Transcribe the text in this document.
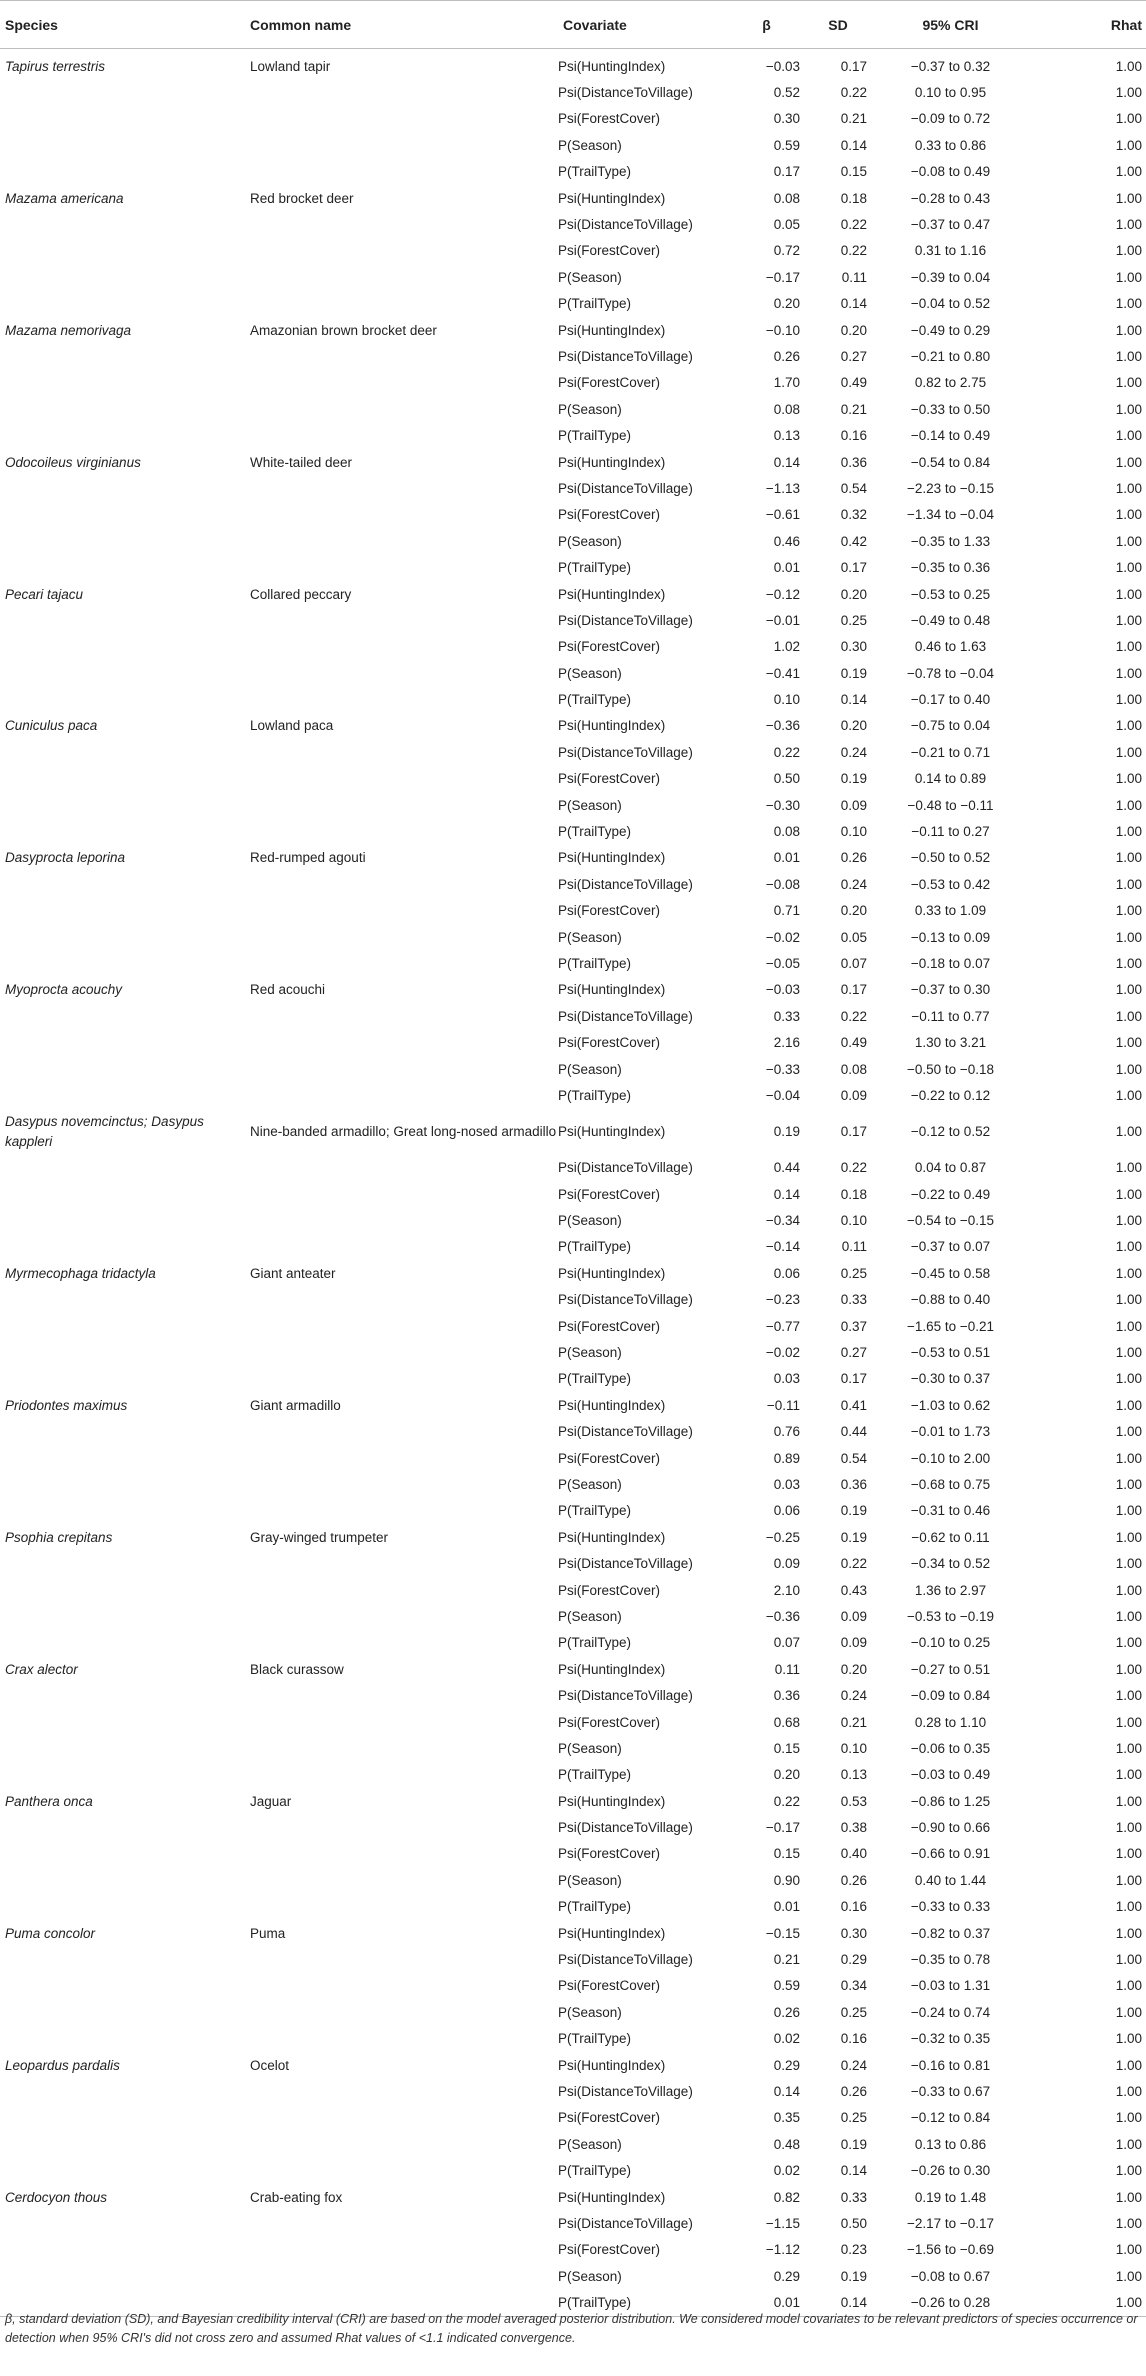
Species	Common name	Covariate	β	SD	95% CRI	Rhat
Tapirus terrestris	Lowland tapir	Psi(HuntingIndex)	−0.03	0.17	−0.37 to 0.32	1.00
		Psi(DistanceToVillage)	0.52	0.22	0.10 to 0.95	1.00
		Psi(ForestCover)	0.30	0.21	−0.09 to 0.72	1.00
		P(Season)	0.59	0.14	0.33 to 0.86	1.00
		P(TrailType)	0.17	0.15	−0.08 to 0.49	1.00
Mazama americana	Red brocket deer	Psi(HuntingIndex)	0.08	0.18	−0.28 to 0.43	1.00
		Psi(DistanceToVillage)	0.05	0.22	−0.37 to 0.47	1.00
		Psi(ForestCover)	0.72	0.22	0.31 to 1.16	1.00
		P(Season)	−0.17	0.11	−0.39 to 0.04	1.00
		P(TrailType)	0.20	0.14	−0.04 to 0.52	1.00
Mazama nemorivaga	Amazonian brown brocket deer	Psi(HuntingIndex)	−0.10	0.20	−0.49 to 0.29	1.00
		Psi(DistanceToVillage)	0.26	0.27	−0.21 to 0.80	1.00
		Psi(ForestCover)	1.70	0.49	0.82 to 2.75	1.00
		P(Season)	0.08	0.21	−0.33 to 0.50	1.00
		P(TrailType)	0.13	0.16	−0.14 to 0.49	1.00
Odocoileus virginianus	White-tailed deer	Psi(HuntingIndex)	0.14	0.36	−0.54 to 0.84	1.00
		Psi(DistanceToVillage)	−1.13	0.54	−2.23 to −0.15	1.00
		Psi(ForestCover)	−0.61	0.32	−1.34 to −0.04	1.00
		P(Season)	0.46	0.42	−0.35 to 1.33	1.00
		P(TrailType)	0.01	0.17	−0.35 to 0.36	1.00
Pecari tajacu	Collared peccary	Psi(HuntingIndex)	−0.12	0.20	−0.53 to 0.25	1.00
		Psi(DistanceToVillage)	−0.01	0.25	−0.49 to 0.48	1.00
		Psi(ForestCover)	1.02	0.30	0.46 to 1.63	1.00
		P(Season)	−0.41	0.19	−0.78 to −0.04	1.00
		P(TrailType)	0.10	0.14	−0.17 to 0.40	1.00
Cuniculus paca	Lowland paca	Psi(HuntingIndex)	−0.36	0.20	−0.75 to 0.04	1.00
		Psi(DistanceToVillage)	0.22	0.24	−0.21 to 0.71	1.00
		Psi(ForestCover)	0.50	0.19	0.14 to 0.89	1.00
		P(Season)	−0.30	0.09	−0.48 to −0.11	1.00
		P(TrailType)	0.08	0.10	−0.11 to 0.27	1.00
Dasyprocta leporina	Red-rumped agouti	Psi(HuntingIndex)	0.01	0.26	−0.50 to 0.52	1.00
		Psi(DistanceToVillage)	−0.08	0.24	−0.53 to 0.42	1.00
		Psi(ForestCover)	0.71	0.20	0.33 to 1.09	1.00
		P(Season)	−0.02	0.05	−0.13 to 0.09	1.00
		P(TrailType)	−0.05	0.07	−0.18 to 0.07	1.00
Myoprocta acouchy	Red acouchi	Psi(HuntingIndex)	−0.03	0.17	−0.37 to 0.30	1.00
		Psi(DistanceToVillage)	0.33	0.22	−0.11 to 0.77	1.00
		Psi(ForestCover)	2.16	0.49	1.30 to 3.21	1.00
		P(Season)	−0.33	0.08	−0.50 to −0.18	1.00
		P(TrailType)	−0.04	0.09	−0.22 to 0.12	1.00
Dasypus novemcinctus; Dasypus kappleri	Nine-banded armadillo; Great long-nosed armadillo	Psi(HuntingIndex)	0.19	0.17	−0.12 to 0.52	1.00
		Psi(DistanceToVillage)	0.44	0.22	0.04 to 0.87	1.00
		Psi(ForestCover)	0.14	0.18	−0.22 to 0.49	1.00
		P(Season)	−0.34	0.10	−0.54 to −0.15	1.00
		P(TrailType)	−0.14	0.11	−0.37 to 0.07	1.00
Myrmecophaga tridactyla	Giant anteater	Psi(HuntingIndex)	0.06	0.25	−0.45 to 0.58	1.00
		Psi(DistanceToVillage)	−0.23	0.33	−0.88 to 0.40	1.00
		Psi(ForestCover)	−0.77	0.37	−1.65 to −0.21	1.00
		P(Season)	−0.02	0.27	−0.53 to 0.51	1.00
		P(TrailType)	0.03	0.17	−0.30 to 0.37	1.00
Priodontes maximus	Giant armadillo	Psi(HuntingIndex)	−0.11	0.41	−1.03 to 0.62	1.00
		Psi(DistanceToVillage)	0.76	0.44	−0.01 to 1.73	1.00
		Psi(ForestCover)	0.89	0.54	−0.10 to 2.00	1.00
		P(Season)	0.03	0.36	−0.68 to 0.75	1.00
		P(TrailType)	0.06	0.19	−0.31 to 0.46	1.00
Psophia crepitans	Gray-winged trumpeter	Psi(HuntingIndex)	−0.25	0.19	−0.62 to 0.11	1.00
		Psi(DistanceToVillage)	0.09	0.22	−0.34 to 0.52	1.00
		Psi(ForestCover)	2.10	0.43	1.36 to 2.97	1.00
		P(Season)	−0.36	0.09	−0.53 to −0.19	1.00
		P(TrailType)	0.07	0.09	−0.10 to 0.25	1.00
Crax alector	Black curassow	Psi(HuntingIndex)	0.11	0.20	−0.27 to 0.51	1.00
		Psi(DistanceToVillage)	0.36	0.24	−0.09 to 0.84	1.00
		Psi(ForestCover)	0.68	0.21	0.28 to 1.10	1.00
		P(Season)	0.15	0.10	−0.06 to 0.35	1.00
		P(TrailType)	0.20	0.13	−0.03 to 0.49	1.00
Panthera onca	Jaguar	Psi(HuntingIndex)	0.22	0.53	−0.86 to 1.25	1.00
		Psi(DistanceToVillage)	−0.17	0.38	−0.90 to 0.66	1.00
		Psi(ForestCover)	0.15	0.40	−0.66 to 0.91	1.00
		P(Season)	0.90	0.26	0.40 to 1.44	1.00
		P(TrailType)	0.01	0.16	−0.33 to 0.33	1.00
Puma concolor	Puma	Psi(HuntingIndex)	−0.15	0.30	−0.82 to 0.37	1.00
		Psi(DistanceToVillage)	0.21	0.29	−0.35 to 0.78	1.00
		Psi(ForestCover)	0.59	0.34	−0.03 to 1.31	1.00
		P(Season)	0.26	0.25	−0.24 to 0.74	1.00
		P(TrailType)	0.02	0.16	−0.32 to 0.35	1.00
Leopardus pardalis	Ocelot	Psi(HuntingIndex)	0.29	0.24	−0.16 to 0.81	1.00
		Psi(DistanceToVillage)	0.14	0.26	−0.33 to 0.67	1.00
		Psi(ForestCover)	0.35	0.25	−0.12 to 0.84	1.00
		P(Season)	0.48	0.19	0.13 to 0.86	1.00
		P(TrailType)	0.02	0.14	−0.26 to 0.30	1.00
Cerdocyon thous	Crab-eating fox	Psi(HuntingIndex)	0.82	0.33	0.19 to 1.48	1.00
		Psi(DistanceToVillage)	−1.15	0.50	−2.17 to −0.17	1.00
		Psi(ForestCover)	−1.12	0.23	−1.56 to −0.69	1.00
		P(Season)	0.29	0.19	−0.08 to 0.67	1.00
		P(TrailType)	0.01	0.14	−0.26 to 0.28	1.00
β, standard deviation (SD), and Bayesian credibility interval (CRI) are based on the model averaged posterior distribution. We considered model covariates to be relevant predictors of species occurrence or detection when 95% CRI's did not cross zero and assumed Rhat values of <1.1 indicated convergence.
